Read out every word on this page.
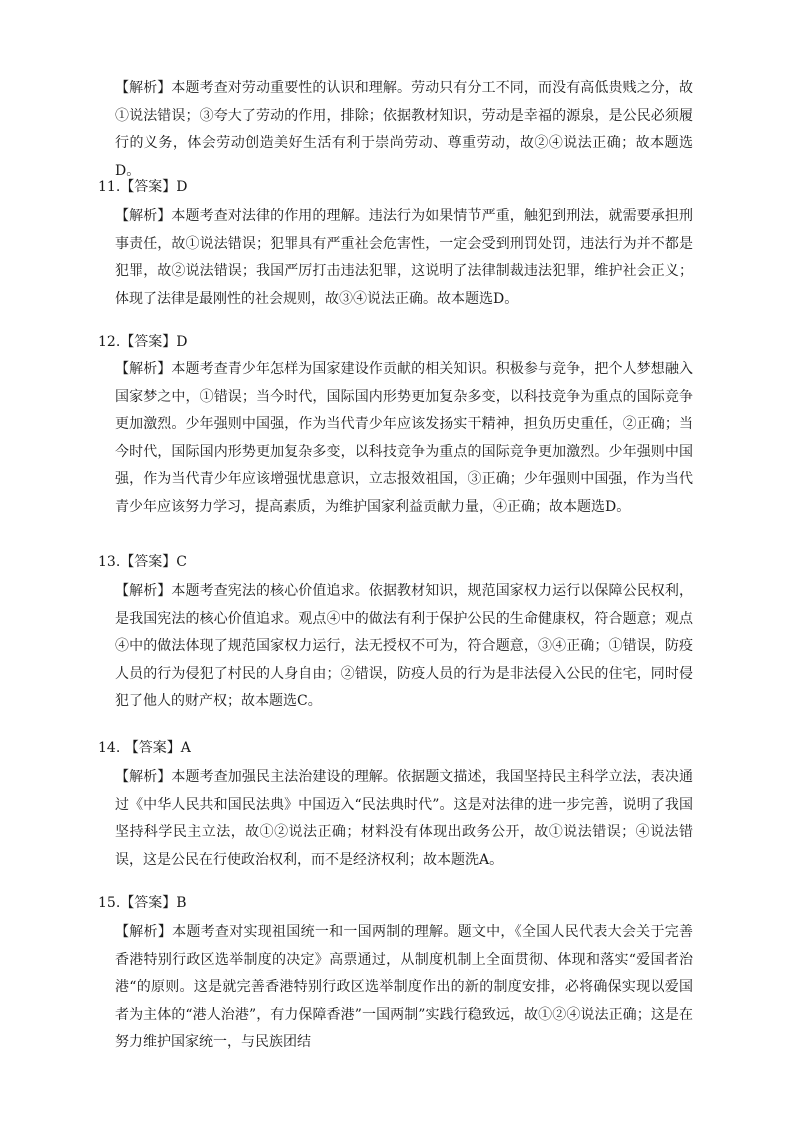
【解析】本题考查对劳动重要性的认识和理解。劳动只有分工不同，而没有高低贵贱之分，故①说法错误；③夸大了劳动的作用，排除；依据教材知识，劳动是幸福的源泉，是公民必须履行的义务，体会劳动创造美好生活有利于崇尚劳动、尊重劳动，故②④说法正确；故本题选D。
11.【答案】D
【解析】本题考查对法律的作用的理解。违法行为如果情节严重，触犯到刑法，就需要承担刑事责任，故①说法错误；犯罪具有严重社会危害性，一定会受到刑罚处罚，违法行为并不都是犯罪，故②说法错误；我国严厉打击违法犯罪，这说明了法律制裁违法犯罪，维护社会正义；体现了法律是最刚性的社会规则，故③④说法正确。故本题选D。
12.【答案】D
【解析】本题考查青少年怎样为国家建设作贡献的相关知识。积极参与竞争，把个人梦想融入国家梦之中，①错误；当今时代，国际国内形势更加复杂多变，以科技竞争为重点的国际竞争更加激烈。少年强则中国强，作为当代青少年应该发扬实干精神，担负历史重任，②正确；当今时代，国际国内形势更加复杂多变，以科技竞争为重点的国际竞争更加激烈。少年强则中国强，作为当代青少年应该增强忧患意识，立志报效祖国，③正确；少年强则中国强，作为当代青少年应该努力学习，提高素质，为维护国家利益贡献力量，④正确；故本题选D。
13.【答案】C
【解析】本题考查宪法的核心价值追求。依据教材知识，规范国家权力运行以保障公民权利，是我国宪法的核心价值追求。观点④中的做法有利于保护公民的生命健康权，符合题意；观点④中的做法体现了规范国家权力运行，法无授权不可为，符合题意，③④正确；①错误，防疫人员的行为侵犯了村民的人身自由；②错误，防疫人员的行为是非法侵入公民的住宅，同时侵犯了他人的财产权；故本题选C。
14. 【答案】A
【解析】本题考查加强民主法治建设的理解。依据题文描述，我国坚持民主科学立法，表决通过《中华人民共和国民法典》中国迈入“民法典时代”。这是对法律的进一步完善，说明了我国坚持科学民主立法，故①②说法正确；材料没有体现出政务公开，故①说法错误；④说法错误，这是公民在行使政治权利，而不是经济权利；故本题洗A。
15.【答案】B
【解析】本题考查对实现祖国统一和一国两制的理解。题文中，《全国人民代表大会关于完善香港特别行政区选举制度的决定》高票通过，从制度机制上全面贯彻、体现和落实“爱国者治港“的原则。这是就完善香港特别行政区选举制度作出的新的制度安排，必将确保实现以爱国者为主体的“港人治港”，有力保障香港”一国两制”实践行稳致远，故①②④说法正确；这是在努力维护国家统一，与民族团结
